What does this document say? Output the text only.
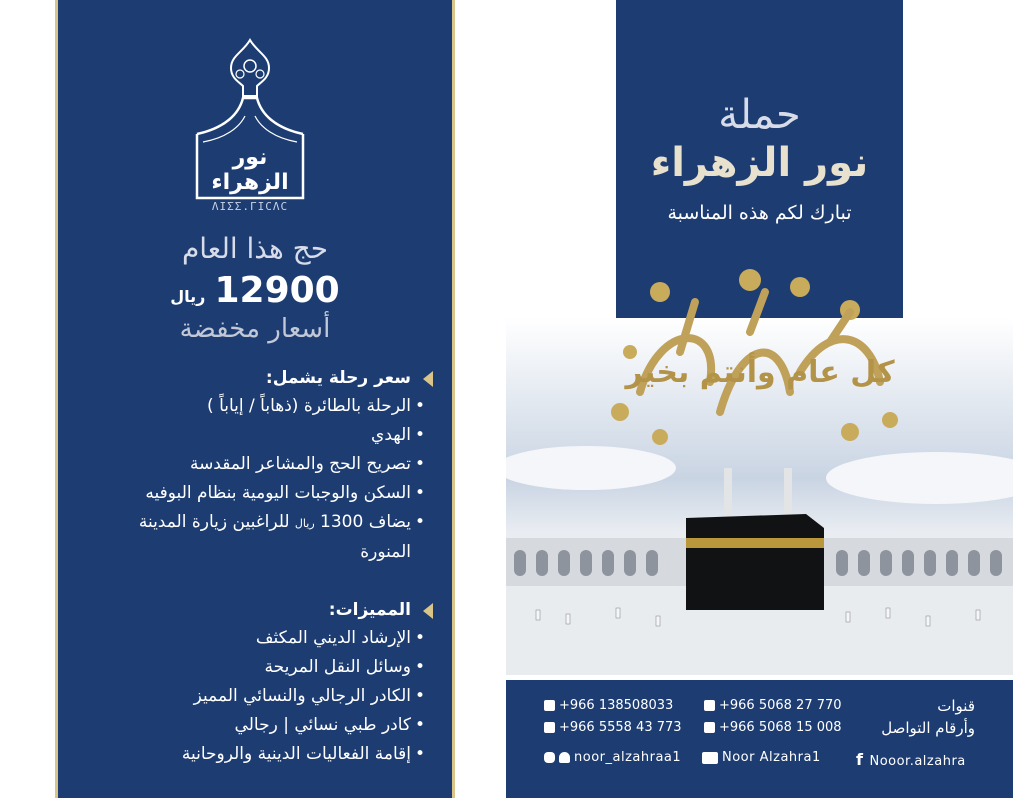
نور الزهراء
ΛIΣΣ.ΓΙCΛC
حج هذا العام
12900 ريال
أسعار مخفضة
سعر رحلة يشمل:
• الرحلة بالطائرة (ذهاباً / إياباً )
• الهدي
• تصريح الحج والمشاعر المقدسة
• السكن والوجبات اليومية بنظام البوفيه
• يضاف 1300 ريال للراغبين زيارة المدينة المنورة
المميزات:
• الإرشاد الديني المكثف
• وسائل النقل المريحة
• الكادر الرجالي والنسائي المميز
• كادر طبي نسائي | رجالي
• إقامة الفعاليات الدينية والروحانية
حملة
نور الزهراء
تبارك لكم هذه المناسبة
كل عام وأنتم بخير
قنوات
وأرقام التواصل
+966 5068 27 770
+966 5068 15 008
+966 138508033
+966 5558 43 773
f Nooor.alzahra
Noor Alzahra1
noor_alzahraa1
